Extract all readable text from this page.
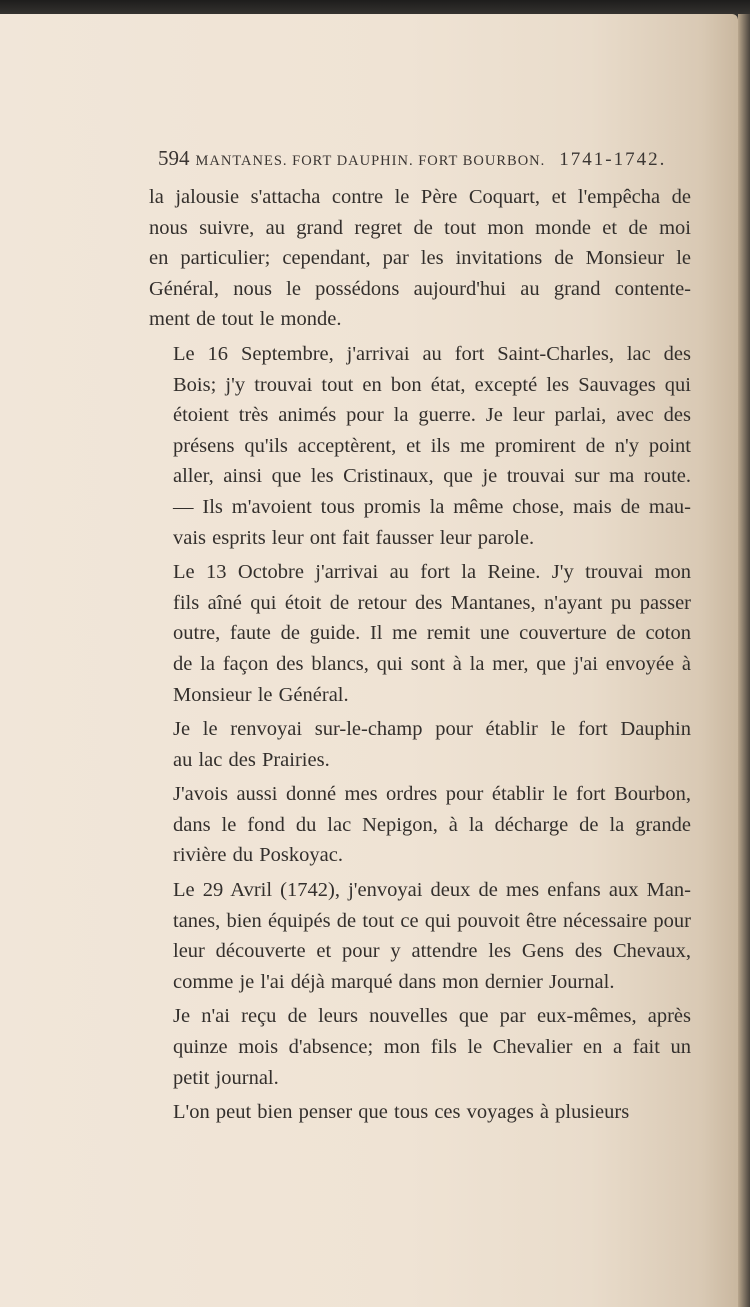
594 MANTANES. FORT DAUPHIN. FORT BOURBON. 1741-1742.
la jalousie s'attacha contre le Père Coquart, et l'empêcha de
nous suivre, au grand regret de tout mon monde et de moi
en particulier; cependant, par les invitations de Monsieur le
Général, nous le possédons aujourd'hui au grand contente-
ment de tout le monde.
Le 16 Septembre, j'arrivai au fort Saint-Charles, lac des
Bois; j'y trouvai tout en bon état, excepté les Sauvages qui
étoient très animés pour la guerre. Je leur parlai, avec des
présens qu'ils acceptèrent, et ils me promirent de n'y point
aller, ainsi que les Cristinaux, que je trouvai sur ma route.
— Ils m'avoient tous promis la même chose, mais de mau-
vais esprits leur ont fait fausser leur parole.
Le 13 Octobre j'arrivai au fort la Reine. J'y trouvai mon
fils aîné qui étoit de retour des Mantanes, n'ayant pu passer
outre, faute de guide. Il me remit une couverture de coton
de la façon des blancs, qui sont à la mer, que j'ai envoyée à
Monsieur le Général.
Je le renvoyai sur-le-champ pour établir le fort Dauphin
au lac des Prairies.
J'avois aussi donné mes ordres pour établir le fort Bourbon,
dans le fond du lac Nepigon, à la décharge de la grande
rivière du Poskoyac.
Le 29 Avril (1742), j'envoyai deux de mes enfans aux Man-
tanes, bien équipés de tout ce qui pouvoit être nécessaire pour
leur découverte et pour y attendre les Gens des Chevaux,
comme je l'ai déjà marqué dans mon dernier Journal.
Je n'ai reçu de leurs nouvelles que par eux-mêmes, après
quinze mois d'absence; mon fils le Chevalier en a fait un
petit journal.
L'on peut bien penser que tous ces voyages à plusieurs
